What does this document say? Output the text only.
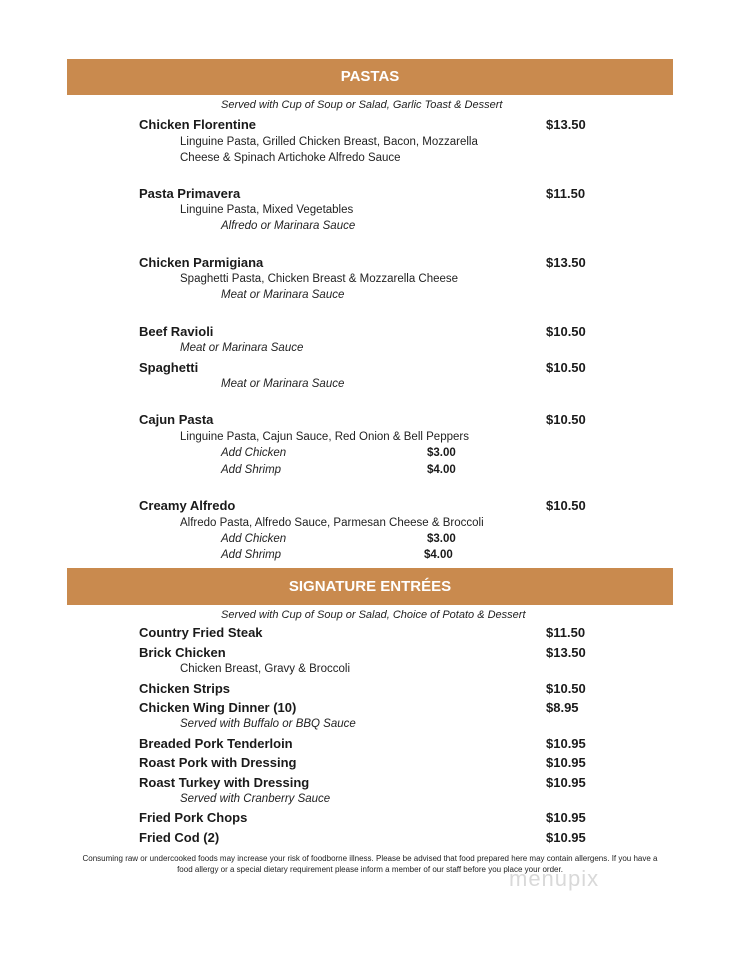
PASTAS
Served with Cup of Soup or Salad, Garlic Toast & Dessert
Chicken Florentine	$13.50
Linguine Pasta, Grilled Chicken Breast, Bacon, Mozzarella
Cheese & Spinach Artichoke Alfredo Sauce
Pasta Primavera	$11.50
Linguine Pasta, Mixed Vegetables
Alfredo or Marinara Sauce
Chicken Parmigiana	$13.50
Spaghetti Pasta, Chicken Breast & Mozzarella Cheese
Meat or Marinara Sauce
Beef Ravioli	$10.50
Meat or Marinara Sauce
Spaghetti	$10.50
Meat or Marinara Sauce
Cajun Pasta	$10.50
Linguine Pasta, Cajun Sauce, Red Onion & Bell Peppers
Add Chicken	$3.00
Add Shrimp	$4.00
Creamy Alfredo	$10.50
Alfredo Pasta, Alfredo Sauce, Parmesan Cheese & Broccoli
Add Chicken	$3.00
Add Shrimp	$4.00
SIGNATURE ENTRÉES
Served with Cup of Soup or Salad, Choice of Potato & Dessert
Country Fried Steak	$11.50
Brick Chicken	$13.50
Chicken Breast, Gravy & Broccoli
Chicken Strips	$10.50
Chicken Wing Dinner (10)	$8.95
Served with Buffalo or BBQ Sauce
Breaded Pork Tenderloin	$10.95
Roast Pork with Dressing	$10.95
Roast Turkey with Dressing	$10.95
Served with Cranberry Sauce
Fried Pork Chops	$10.95
Fried Cod (2)	$10.95
Consuming raw or undercooked foods may increase your risk of foodborne illness. Please be advised that food prepared here may contain allergens. If you have a
food allergy or a special dietary requirement please inform a member of our staff before you place your order.
menupix
